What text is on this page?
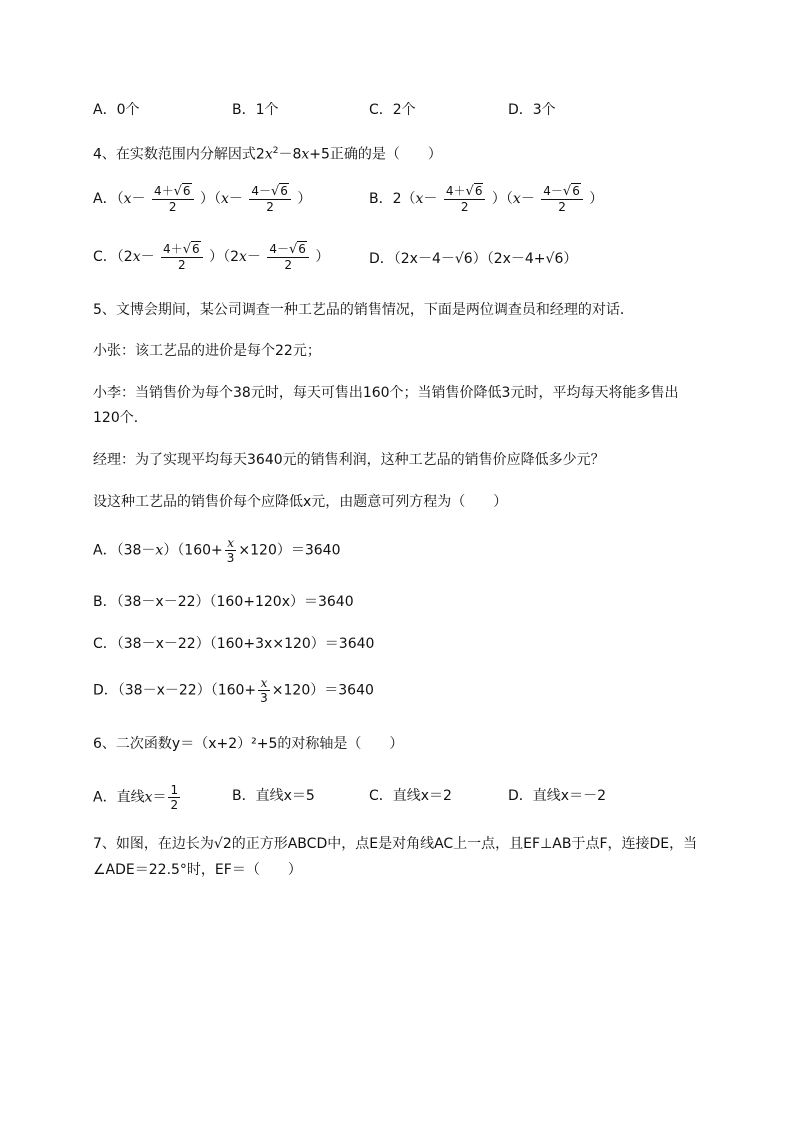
A．0个	B．1个	C．2个	D．3个
4、在实数范围内分解因式$2x^2-8x+5$正确的是（　　）
A．$(x- \frac{4+√6}{2} )(x- \frac{4-√6}{2}$ ）	B．$2(x- \frac{4+√6}{2} )(x- \frac{4-√6}{2}$ ）
C．$(2x- \frac{4+√6}{2} )(2x- \frac{4-√6}{2}$ ）	D．（2x－4－√6）（2x－4+√6）
5、文博会期间，某公司调查一种工艺品的销售情况，下面是两位调查员和经理的对话．
小张：该工艺品的进价是每个22元；
小李：当销售价为每个38元时，每天可售出160个；当销售价降低3元时，平均每天将能多售出
120个．
经理：为了实现平均每天3640元的销售利润，这种工艺品的销售价应降低多少元？
设这种工艺品的销售价每个应降低x元，由题意可列方程为（　　）
A．$(38-x)(160+ \frac{x}{3} \times 120)=3640$
B．（38－x－22）（160+120x）＝3640
C．（38－x－22）（160+3x×120）＝3640
D．$(38-x-22)(160+ \frac{x}{3} \times 120)=3640$
6、二次函数y＝（x+2）²+5的对称轴是（　　）
A．直线$x= \frac{1}{2}$	B．直线x＝5	C．直线x＝2	D．直线x＝－2
7、如图，在边长为√2的正方形ABCD中，点E是对角线AC上一点，且EF⊥AB于点F，连接DE，当
∠ADE＝22.5°时，EF＝（　　）
